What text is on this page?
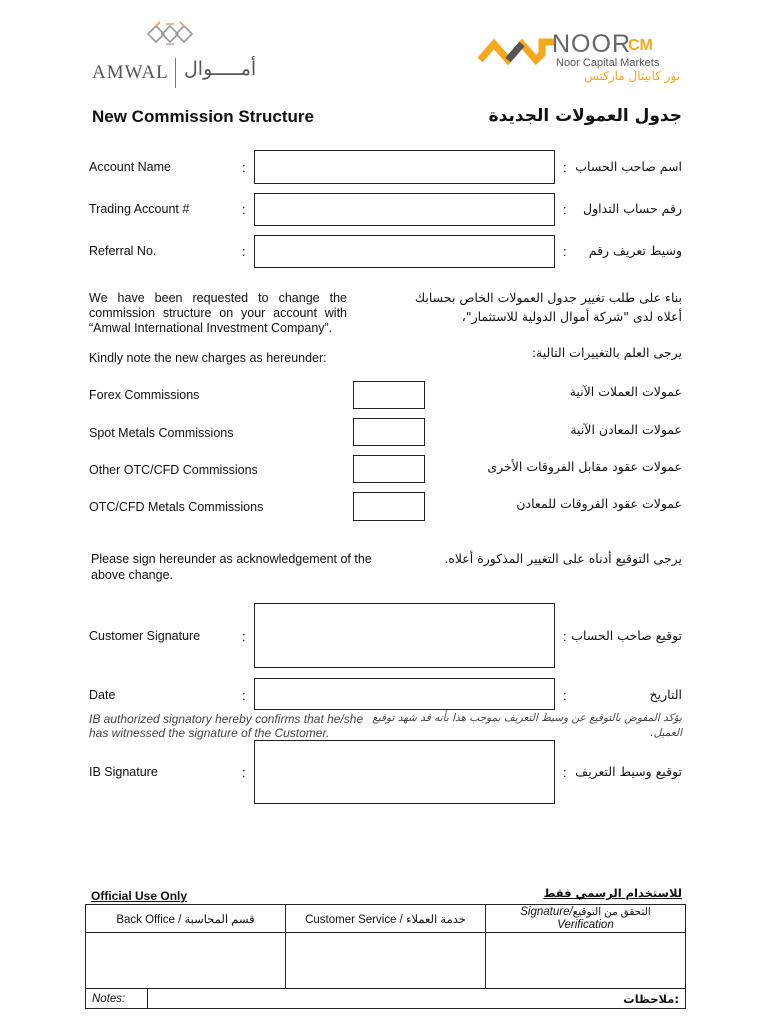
AMWAL أمـــــوال
NOOR
CM
Noor Capital Markets
نور كابيتال ماركتس
New Commission Structure	جدول العمولات الجديدة
Account Name	:	: اسم صاحب الحساب
Trading Account #	:	: رقم حساب التداول
Referral No.	:	: وسيط تعريف رقم
We have been requested to change the commission structure on your account with “Amwal International Investment Company”.
بناء على طلب تغيير جدول العمولات الخاص بحسابك
أعلاه لدى "شركة أموال الدولية للاستثمار"،
Kindly note the new charges as hereunder:	يرجى العلم بالتغييرات التالية:
Forex Commissions	عمولات العملات الآنية
Spot Metals Commissions	عمولات المعادن الآنية
Other OTC/CFD Commissions	عمولات عقود مقابل الفروقات الأخرى
OTC/CFD Metals Commissions	عمولات عقود الفروقات للمعادن
Please sign hereunder as acknowledgement of the above change.
يرجى التوقيع أدناه على التغيير المذكورة أعلاه.
Customer Signature	:	: توقيع صاحب الحساب
Date	:	:	التاريخ
IB authorized signatory hereby confirms that he/she has witnessed the signature of the Customer.
يؤكد المفوض بالتوقيع عن وسيط التعريف بموجب هذا بأنه قد شهد توقيع
العميل.
IB Signature	:	: توقيع وسيط التعريف
Official Use Only	للاستخدام الرسمي فقط
Back Office / قسم المحاسبة		Customer Service / خدمة العملاء	Signature/التحقق من التوقيع
Verification

Notes:	ملاحظات:		
